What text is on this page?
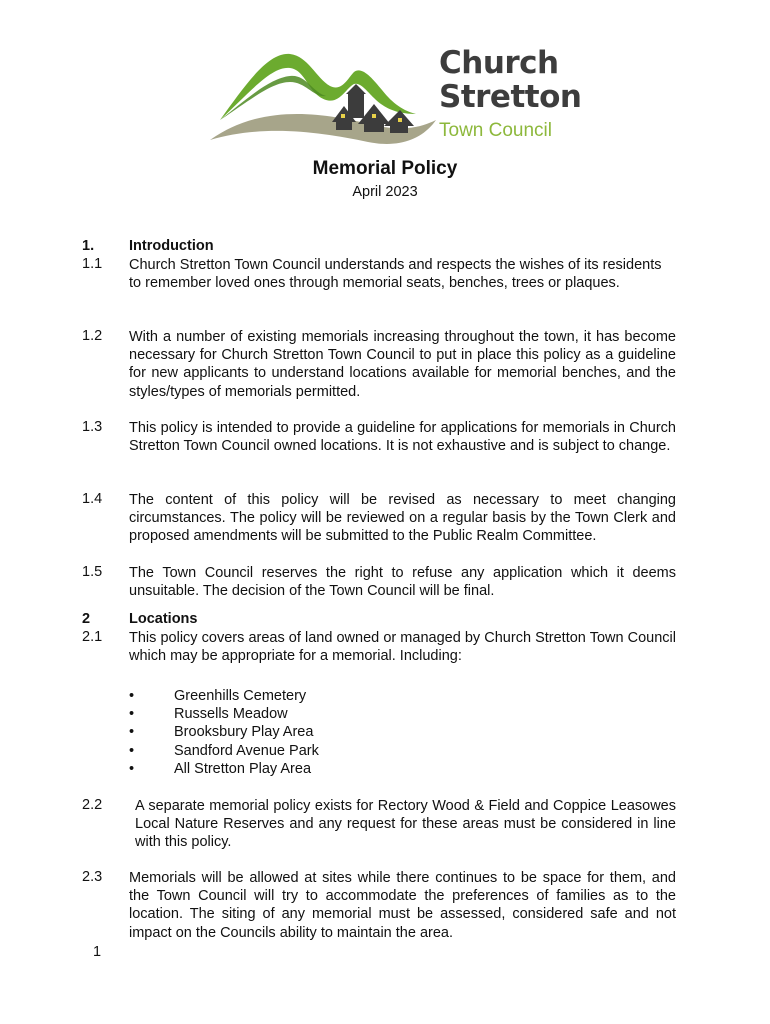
Church
Stretton
Town Council
Memorial Policy
April 2023
1. Introduction
1.1 Church Stretton Town Council understands and respects the wishes of its residents to remember loved ones through memorial seats, benches, trees or plaques.
1.2 With a number of existing memorials increasing throughout the town, it has become necessary for Church Stretton Town Council to put in place this policy as a guideline for new applicants to understand locations available for memorial benches, and the styles/types of memorials permitted.
1.3 This policy is intended to provide a guideline for applications for memorials in Church Stretton Town Council owned locations. It is not exhaustive and is subject to change.
1.4 The content of this policy will be revised as necessary to meet changing circumstances. The policy will be reviewed on a regular basis by the Town Clerk and proposed amendments will be submitted to the Public Realm Committee.
1.5 The Town Council reserves the right to refuse any application which it deems unsuitable. The decision of the Town Council will be final.
2	Locations
2.1 This policy covers areas of land owned or managed by Church Stretton Town Council which may be appropriate for a memorial. Including:
•	Greenhills Cemetery
•	Russells Meadow
•	Brooksbury Play Area
•	Sandford Avenue Park
•	All Stretton Play Area
2.2 A separate memorial policy exists for Rectory Wood & Field and Coppice Leasowes Local Nature Reserves and any request for these areas must be considered in line with this policy.
2.3 Memorials will be allowed at sites while there continues to be space for them, and the Town Council will try to accommodate the preferences of families as to the location. The siting of any memorial must be assessed, considered safe and not impact on the Councils ability to maintain the area.
1
